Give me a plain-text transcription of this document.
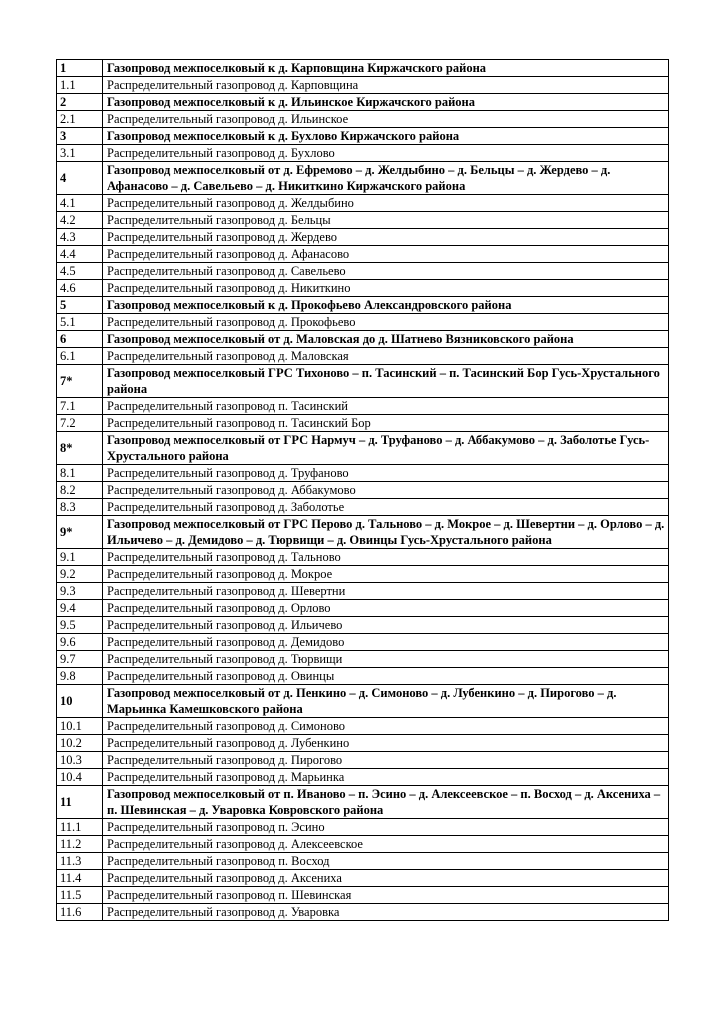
1	Газопровод межпоселковый к д. Карповщина Киржачского района
1.1	Распределительный газопровод д. Карповщина
2	Газопровод межпоселковый к д. Ильинское Киржачского района
2.1	Распределительный газопровод д. Ильинское
3	Газопровод межпоселковый к д. Бухлово Киржачского района
3.1	Распределительный газопровод д. Бухлово
4	Газопровод межпоселковый от д. Ефремово – д. Желдыбино – д. Бельцы – д. Жердево – д. Афанасово – д. Савельево – д. Никиткино Киржачского района
4.1	Распределительный газопровод д. Желдыбино
4.2	Распределительный газопровод д. Бельцы
4.3	Распределительный газопровод д. Жердево
4.4	Распределительный газопровод д. Афанасово
4.5	Распределительный газопровод д. Савельево
4.6	Распределительный газопровод д. Никиткино
5	Газопровод межпоселковый к д. Прокофьево Александровского района
5.1	Распределительный газопровод д. Прокофьево
6	Газопровод межпоселковый от д. Маловская до д. Шатнево Вязниковского района
6.1	Распределительный газопровод д. Маловская
7*	Газопровод межпоселковый ГРС Тихоново – п. Тасинский – п. Тасинский Бор Гусь-Хрустального района
7.1	Распределительный газопровод п. Тасинский
7.2	Распределительный газопровод п. Тасинский Бор
8*	Газопровод межпоселковый от ГРС Нармуч – д. Труфаново – д. Аббакумово – д. Заболотье Гусь-Хрустального района
8.1	Распределительный газопровод д. Труфаново
8.2	Распределительный газопровод д. Аббакумово
8.3	Распределительный газопровод д. Заболотье
9*	Газопровод межпоселковый от ГРС Перово д. Тальново – д. Мокрое – д. Шевертни – д. Орлово – д. Ильичево – д. Демидово – д. Тюрвищи – д. Овинцы Гусь-Хрустального района
9.1	Распределительный газопровод д. Тальново
9.2	Распределительный газопровод д. Мокрое
9.3	Распределительный газопровод д. Шевертни
9.4	Распределительный газопровод д. Орлово
9.5	Распределительный газопровод д. Ильичево
9.6	Распределительный газопровод д. Демидово
9.7	Распределительный газопровод д. Тюрвищи
9.8	Распределительный газопровод д. Овинцы
10	Газопровод межпоселковый от д. Пенкино – д. Симоново – д. Лубенкино – д. Пирогово – д. Марьинка Камешковского района
10.1	Распределительный газопровод д. Симоново
10.2	Распределительный газопровод д. Лубенкино
10.3	Распределительный газопровод д. Пирогово
10.4	Распределительный газопровод д. Марьинка
11	Газопровод межпоселковый от п. Иваново – п. Эсино – д. Алексеевское – п. Восход – д. Аксениха – п. Шевинская – д. Уваровка Ковровского района
11.1	Распределительный газопровод п. Эсино
11.2	Распределительный газопровод д. Алексеевское
11.3	Распределительный газопровод п. Восход
11.4	Распределительный газопровод д. Аксениха
11.5	Распределительный газопровод п. Шевинская
11.6	Распределительный газопровод д. Уваровка
